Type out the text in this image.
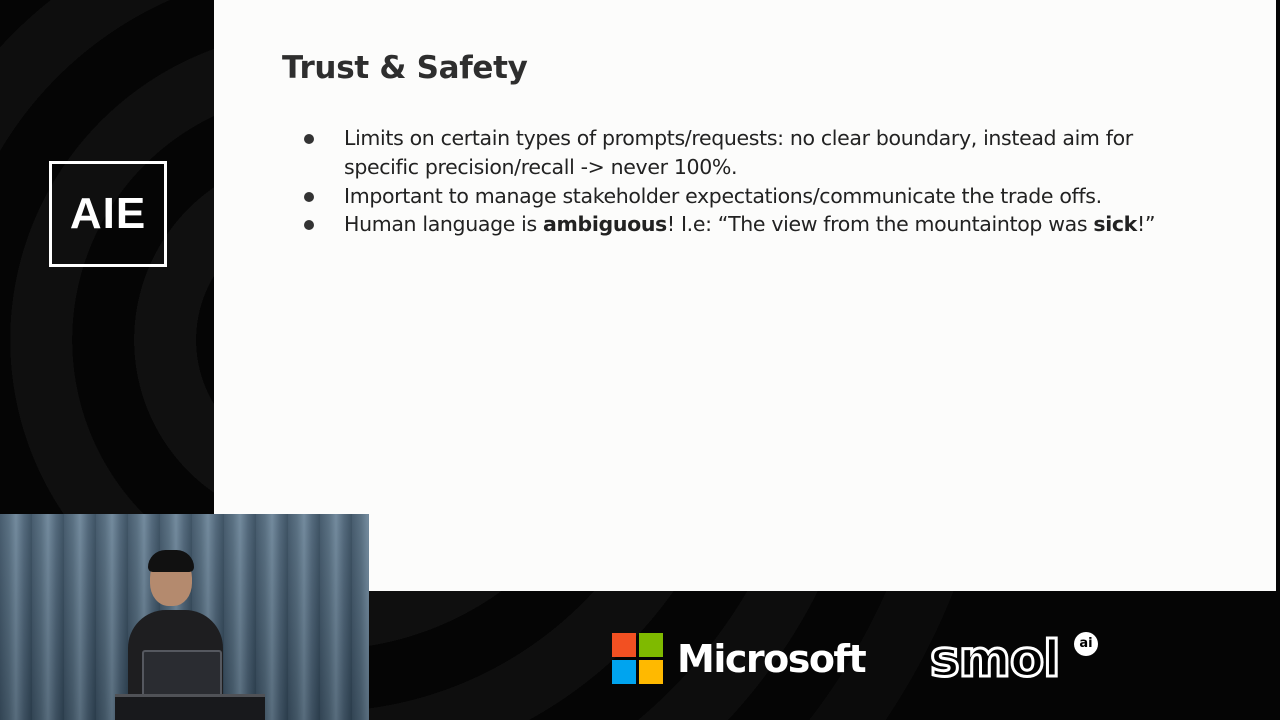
AIE
Trust & Safety
Limits on certain types of prompts/requests: no clear boundary, instead aim for
specific precision/recall -> never 100%.
Important to manage stakeholder expectations/communicate the trade offs.
Human language is ambiguous! I.e: “The view from the mountaintop was sick!”
Microsoft smol	ai
